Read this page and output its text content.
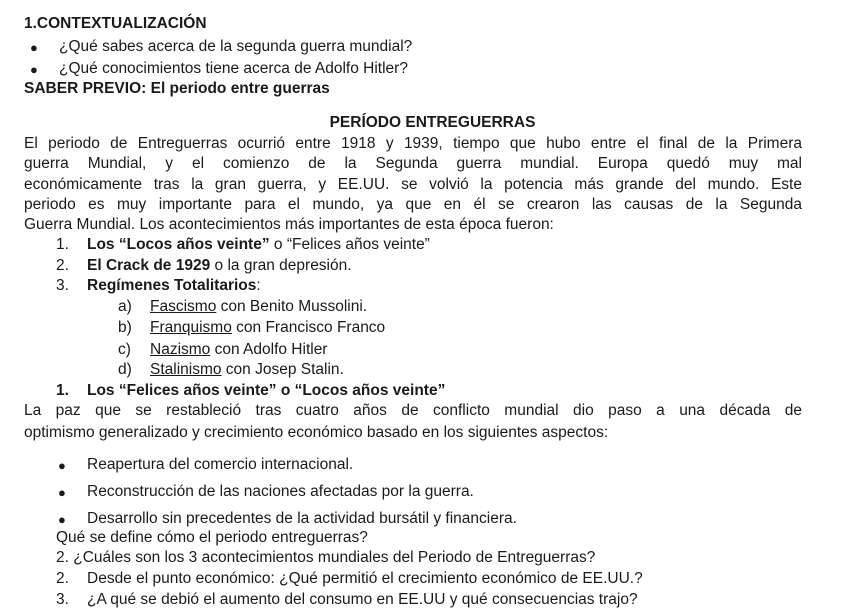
1.CONTEXTUALIZACIÓN
● ¿Qué sabes acerca de la segunda guerra mundial?
● ¿Qué conocimientos tiene acerca de Adolfo Hitler?
SABER PREVIO: El periodo entre guerras
PERÍODO ENTREGUERRAS
El periodo de Entreguerras ocurrió entre 1918 y 1939, tiempo que hubo entre el final de la Primera
guerra Mundial, y el comienzo de la Segunda guerra mundial. Europa quedó muy mal
económicamente tras la gran guerra, y EE.UU. se volvió la potencia más grande del mundo. Este
periodo es muy importante para el mundo, ya que en él se crearon las causas de la Segunda
Guerra Mundial. Los acontecimientos más importantes de esta época fueron:
1. Los “Locos años veinte” o “Felices años veinte”
2. El Crack de 1929 o la gran depresión.
3. Regímenes Totalitarios:
a) Fascismo con Benito Mussolini.
b) Franquismo con Francisco Franco
c) Nazismo con Adolfo Hitler
d) Stalinismo con Josep Stalin.
1. Los “Felices años veinte” o “Locos años veinte”
La paz que se restableció tras cuatro años de conflicto mundial dio paso a una década de
optimismo generalizado y crecimiento económico basado en los siguientes aspectos:
● Reapertura del comercio internacional.
● Reconstrucción de las naciones afectadas por la guerra.
● Desarrollo sin precedentes de la actividad bursátil y financiera.
Qué se define cómo el periodo entreguerras?
2. ¿Cuáles son los 3 acontecimientos mundiales del Periodo de Entreguerras?
2. Desde el punto económico: ¿Qué permitió el crecimiento económico de EE.UU.?
3. ¿A qué se debió el aumento del consumo en EE.UU y qué consecuencias trajo?
